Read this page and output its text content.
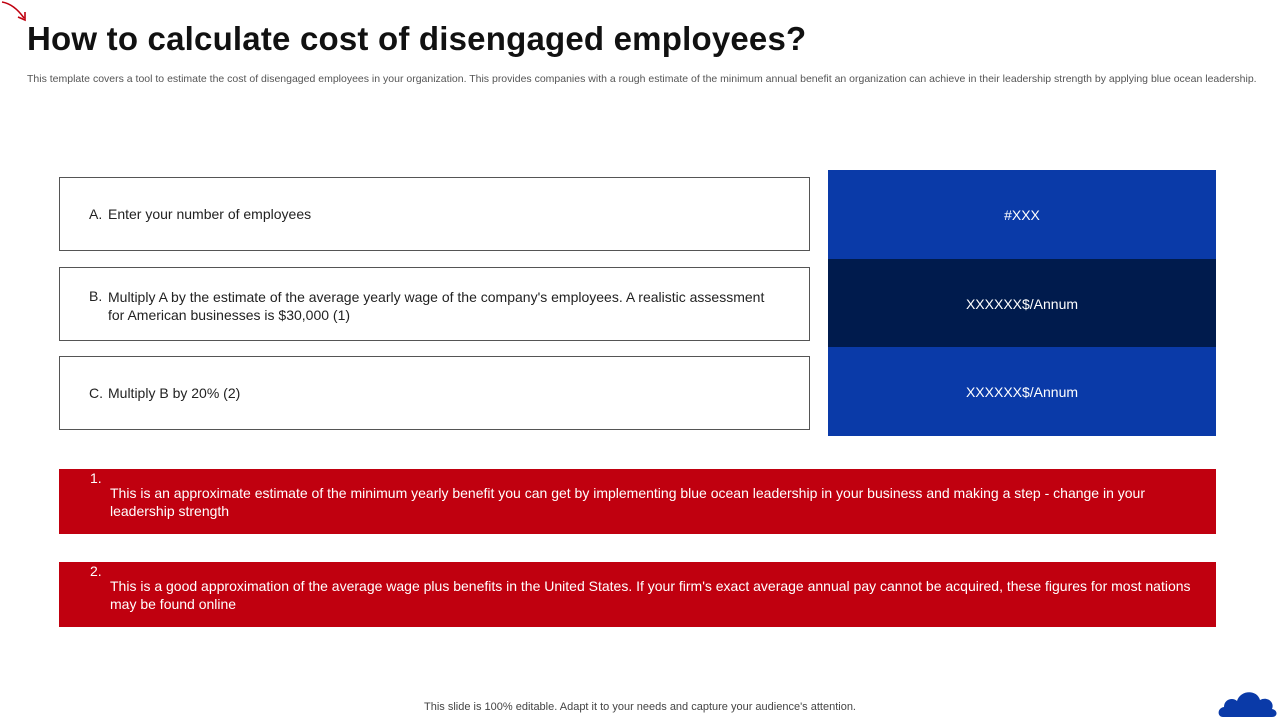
How to calculate cost of disengaged employees?

This template covers a tool to estimate the cost of disengaged employees in your organization. This provides companies with a rough estimate of the minimum annual benefit an organization can achieve in their leadership strength by applying blue ocean leadership.

A. Enter your number of employees
B. Multiply A by the estimate of the average yearly wage of the company's employees. A realistic assessment for American businesses is $30,000 (1)
C. Multiply B by 20% (2)
#XXX
XXXXXX$/Annum
XXXXXX$/Annum
1.
This is an approximate estimate of the minimum yearly benefit you can get by implementing blue ocean leadership in your business and making a step - change in your leadership strength
2.
This is a good approximation of the average wage plus benefits in the United States. If your firm's exact average annual pay cannot be acquired, these figures for most nations may be found online
This slide is 100% editable. Adapt it to your needs and capture your audience's attention.
